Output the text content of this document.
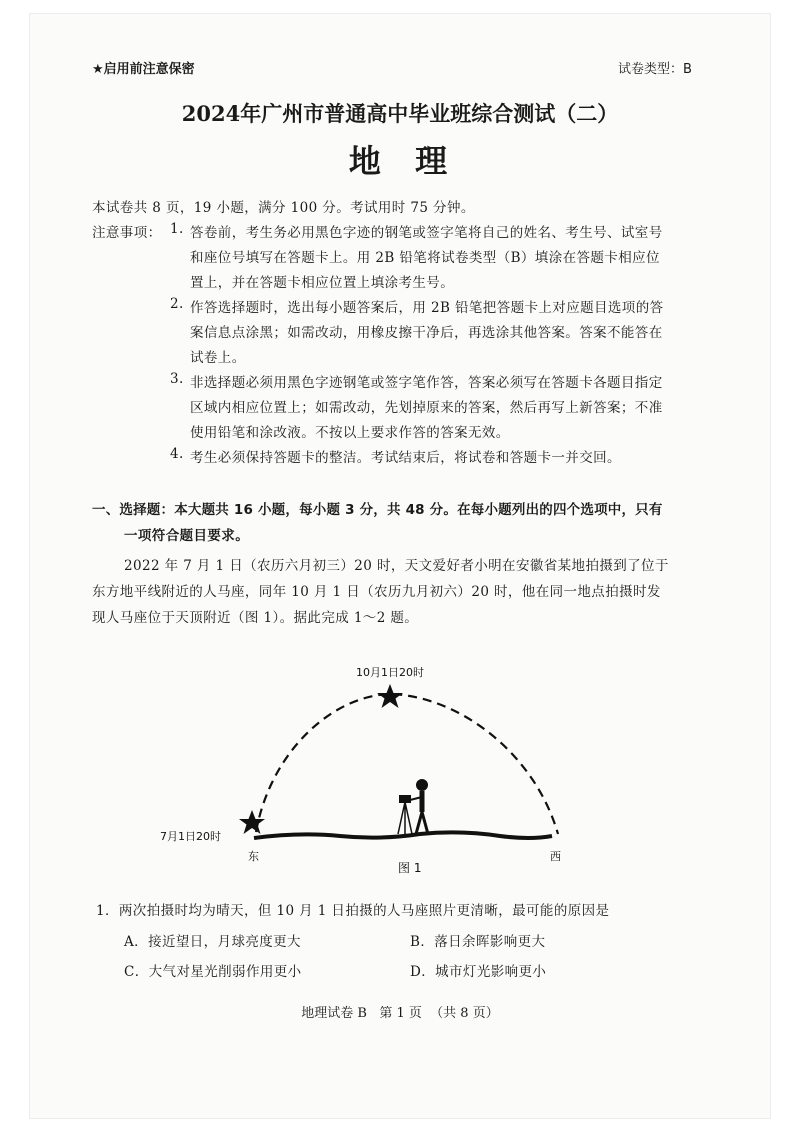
★启用前注意保密	试卷类型：B
2024年广州市普通高中毕业班综合测试（二）
地  理
本试卷共 8 页，19 小题，满分 100 分。考试用时 75 分钟。
注意事项： 1. 答卷前，考生务必用黑色字迹的钢笔或签字笔将自己的姓名、考生号、试室号
和座位号填写在答题卡上。用 2B 铅笔将试卷类型（B）填涂在答题卡相应位
置上，并在答题卡相应位置上填涂考生号。
2. 作答选择题时，选出每小题答案后，用 2B 铅笔把答题卡上对应题目选项的答
案信息点涂黑；如需改动，用橡皮擦干净后，再选涂其他答案。答案不能答在
试卷上。
3. 非选择题必须用黑色字迹钢笔或签字笔作答，答案必须写在答题卡各题目指定
区域内相应位置上；如需改动，先划掉原来的答案，然后再写上新答案；不准
使用铅笔和涂改液。不按以上要求作答的答案无效。
4. 考生必须保持答题卡的整洁。考试结束后，将试卷和答题卡一并交回。
一、选择题：本大题共 16 小题，每小题 3 分，共 48 分。在每小题列出的四个选项中，只有
一项符合题目要求。
2022 年 7 月 1 日（农历六月初三）20 时，天文爱好者小明在安徽省某地拍摄到了位于
东方地平线附近的人马座，同年 10 月 1 日（农历九月初六）20 时，他在同一地点拍摄时发
现人马座位于天顶附近（图 1）。据此完成 1～2 题。
10月1日20时
7月1日20时
东	西
图 1
1．两次拍摄时均为晴天，但 10 月 1 日拍摄的人马座照片更清晰，最可能的原因是
A．接近望日，月球亮度更大	B．落日余晖影响更大
C．大气对星光削弱作用更小	D．城市灯光影响更小
地理试卷 B   第 1 页  （共 8 页）
